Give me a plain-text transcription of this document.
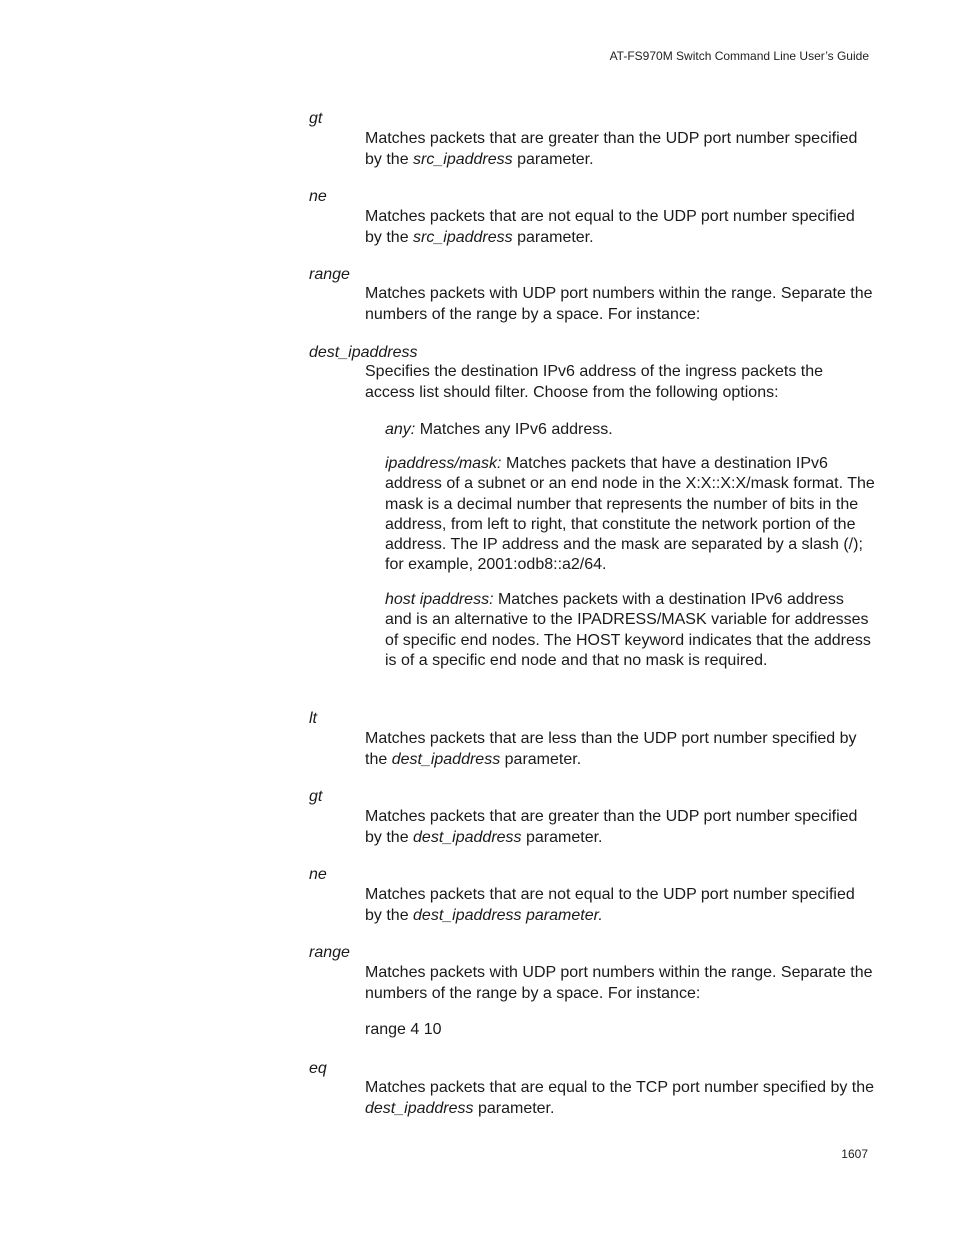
AT-FS970M Switch Command Line User’s Guide
gt
Matches packets that are greater than the UDP port number specified by the src_ipaddress parameter.
ne
Matches packets that are not equal to the UDP port number specified by the src_ipaddress parameter.
range
Matches packets with UDP port numbers within the range. Separate the numbers of the range by a space. For instance:
dest_ipaddress
Specifies the destination IPv6 address of the ingress packets the access list should filter. Choose from the following options:
any: Matches any IPv6 address.
ipaddress/mask: Matches packets that have a destination IPv6 address of a subnet or an end node in the X:X::X:X/mask format. The mask is a decimal number that represents the number of bits in the address, from left to right, that constitute the network portion of the address. The IP address and the mask are separated by a slash (/); for example, 2001:odb8::a2/64.
host ipaddress: Matches packets with a destination IPv6 address and is an alternative to the IPADRESS/MASK variable for addresses of specific end nodes. The HOST keyword indicates that the address is of a specific end node and that no mask is required.
lt
Matches packets that are less than the UDP port number specified by the dest_ipaddress parameter.
gt
Matches packets that are greater than the UDP port number specified by the dest_ipaddress parameter.
ne
Matches packets that are not equal to the UDP port number specified by the dest_ipaddress parameter.
range
Matches packets with UDP port numbers within the range. Separate the numbers of the range by a space. For instance:
range 4 10
eq
Matches packets that are equal to the TCP port number specified by the dest_ipaddress parameter.
1607
